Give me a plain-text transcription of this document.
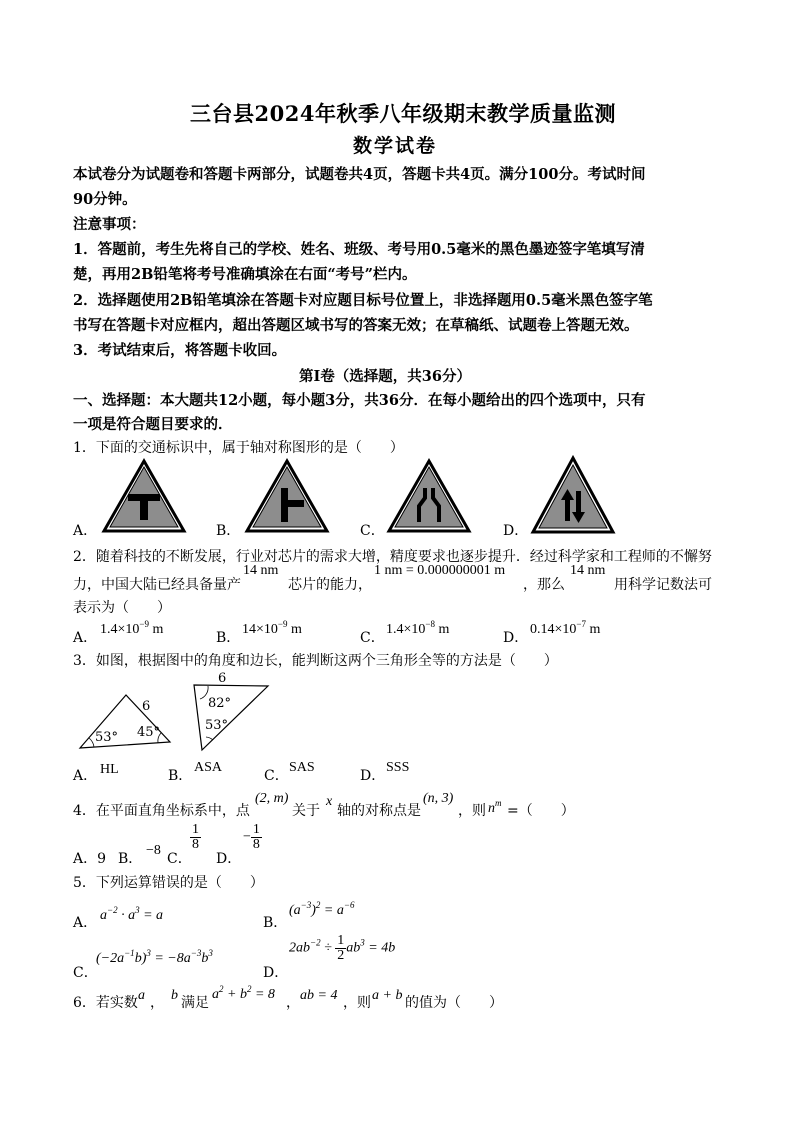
三台县2024年秋季八年级期末教学质量监测
数学试卷
本试卷分为试题卷和答题卡两部分，试题卷共4页，答题卡共4页。满分100分。考试时间
90分钟。
注意事项：
1．答题前，考生先将自己的学校、姓名、班级、考号用0.5毫米的黑色墨迹签字笔填写清
楚，再用2B铅笔将考号准确填涂在右面“考号”栏内。
2．选择题使用2B铅笔填涂在答题卡对应题目标号位置上，非选择题用0.5毫米黑色签字笔
书写在答题卡对应框内，超出答题区域书写的答案无效；在草稿纸、试题卷上答题无效。
3．考试结束后，将答题卡收回。
第Ⅰ卷（选择题，共36分）
一、选择题：本大题共12小题，每小题3分，共36分．在每小题给出的四个选项中，只有
一项是符合题目要求的．
1．下面的交通标识中，属于轴对称图形的是（　　）
A．	B．	C．	D．
2．随着科技的不断发展，行业对芯片的需求大增，精度要求也逐步提升．经过科学家和工程师的不懈努
力，中国大陆已经具备量产
14 nm
芯片的能力，
1 nm = 0.000000001 m
，那么
14 nm
用科学记数法可
表示为（　　）
A．
$1.4\times 10^{-9}$ m
B．
$14\times 10^{-9}$ m
C．
$1.4\times 10^{-8}$ m
D．
$0.14\times 10^{-7}$ m
3．如图，根据图中的角度和边长，能判断这两个三角形全等的方法是（　　）
6
53° 45°
6
82°
53°
A． HL	B．
ASA
C．
SAS
D．
SSS
4．在平面直角坐标系中，点
(2, m)
关于
x
轴的对称点是
(n, 3)
，则 $n^m$ =（　　）
A．9 B．
−8
C．
$\frac{1}{8}$
D．
− $\frac{1}{8}$
5．下列运算错误的是（　　）
A． $a^{-2} \cdot a^3 = a$	B．
$(a^{-3})^2 = a^{-6}$
C．
$(-2a^{-1}b)^3 = -8a^{-3}b^3$
D．
$2ab^{-2} \div \frac{1}{2} ab^3 = 4b$
6．若实数 a ， b 满足
$a^2 + b^2 = 8$
， ab = 4 ，则 a + b 的值为（　　）
